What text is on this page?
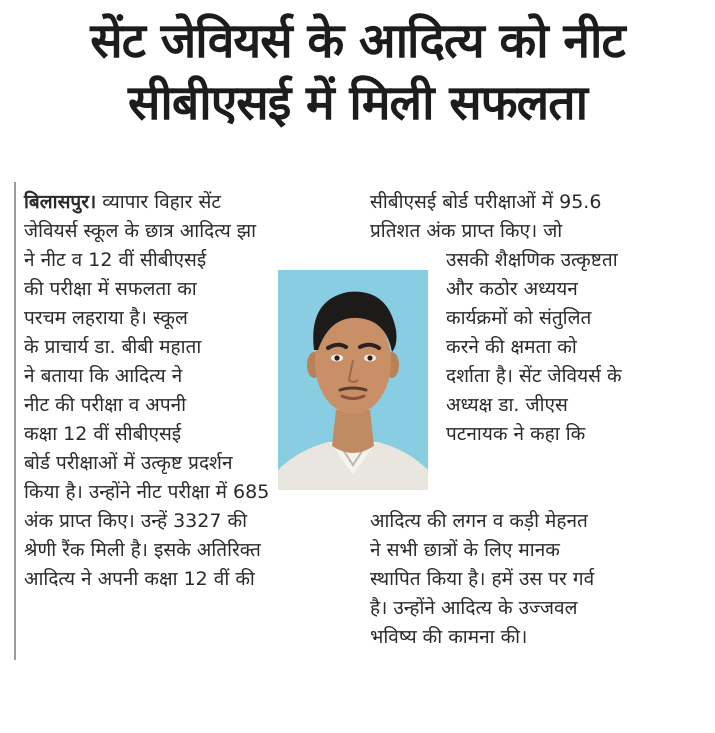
सेंट जेवियर्स के आदित्य को नीट
सीबीएसई में मिली सफलता
बिलासपुर। व्यापार विहार सेंट
जेवियर्स स्कूल के छात्र आदित्य झा
ने नीट व 12 वीं सीबीएसई
की परीक्षा में सफलता का
परचम लहराया है। स्कूल
के प्राचार्य डा. बीबी महाता
ने बताया कि आदित्य ने
नीट की परीक्षा व अपनी
कक्षा 12 वीं सीबीएसई
बोर्ड परीक्षाओं में उत्कृष्ट प्रदर्शन
किया है। उन्होंने नीट परीक्षा में 685
अंक प्राप्त किए। उन्हें 3327 की
श्रेणी रैंक मिली है। इसके अतिरिक्त
आदित्य ने अपनी कक्षा 12 वीं की
सीबीएसई बोर्ड परीक्षाओं में 95.6
प्रतिशत अंक प्राप्त किए। जो
उसकी शैक्षणिक उत्कृष्टता
और कठोर अध्ययन
कार्यक्रमों को संतुलित
करने की क्षमता को
दर्शाता है। सेंट जेवियर्स के
अध्यक्ष डा. जीएस
पटनायक ने कहा कि
आदित्य की लगन व कड़ी मेहनत
ने सभी छात्रों के लिए मानक
स्थापित किया है। हमें उस पर गर्व
है। उन्होंने आदित्य के उज्जवल
भविष्य की कामना की।
